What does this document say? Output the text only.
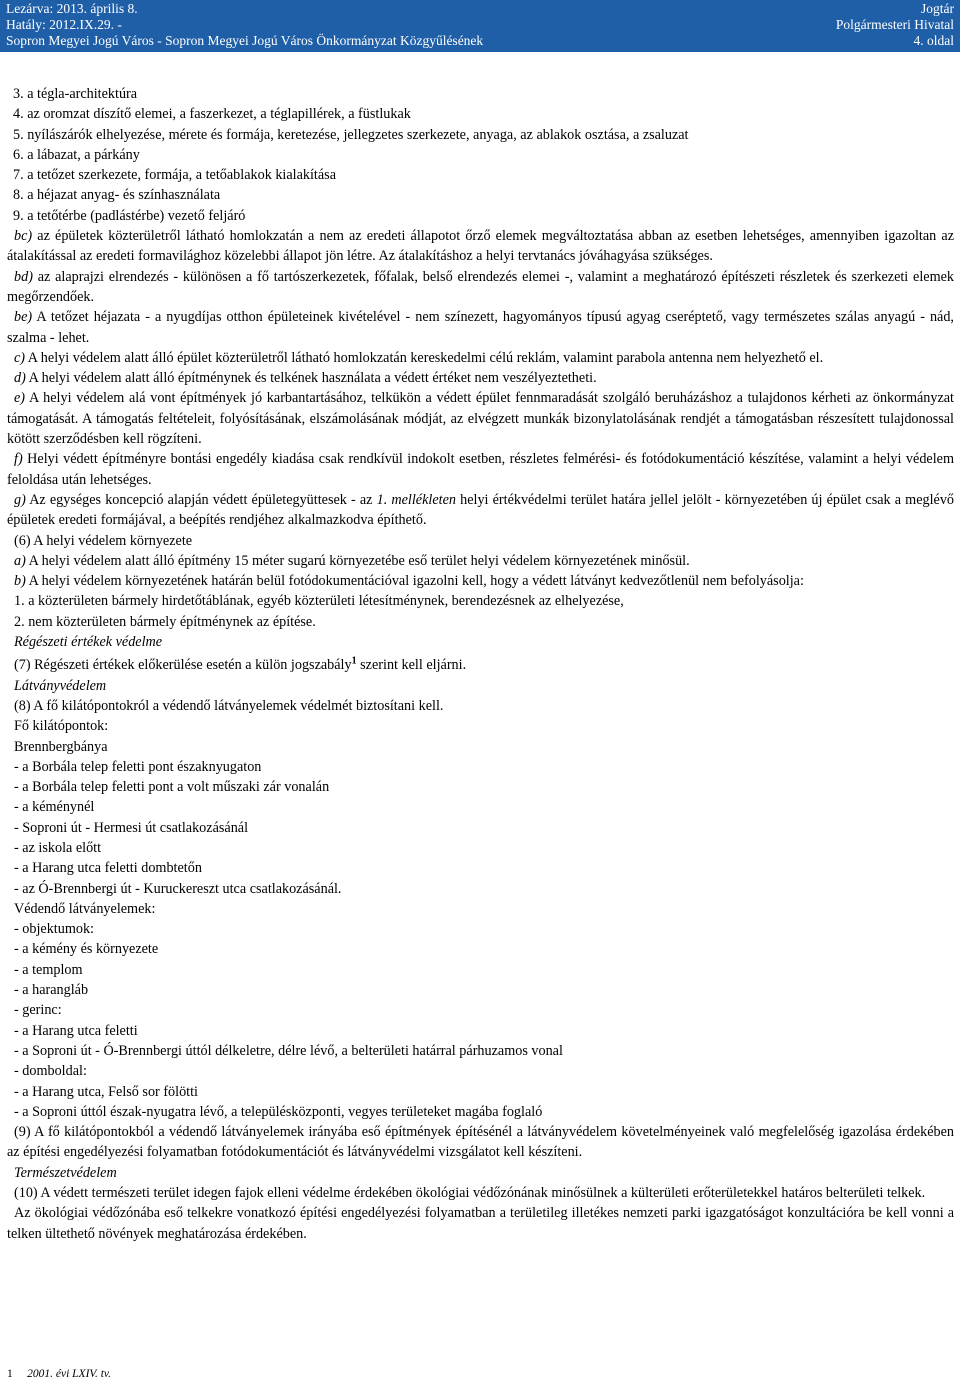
Lezárva: 2013. április 8.
Hatály: 2012.IX.29. -
Sopron Megyei Jogú Város - Sopron Megyei Jogú Város Önkormányzat Közgyűlésének
Jogtár
Polgármesteri Hivatal
4. oldal

3. a tégla-architektúra

4. az oromzat díszítő elemei, a faszerkezet, a téglapillérek, a füstlukak

5. nyílászárók elhelyezése, mérete és formája, keretezése, jellegzetes szerkezete, anyaga, az ablakok osztása, a zsaluzat

6. a lábazat, a párkány

7. a tetőzet szerkezete, formája, a tetőablakok kialakítása

8. a héjazat anyag- és színhasználata

9. a tetőtérbe (padlástérbe) vezető feljáró

bc) az épületek közterületről látható homlokzatán a nem az eredeti állapotot őrző elemek megváltoztatása abban az esetben lehetséges, amennyiben igazoltan az átalakítással az eredeti formavilághoz közelebbi állapot jön létre. Az átalakításhoz a helyi tervtanács jóváhagyása szükséges.

bd) az alaprajzi elrendezés - különösen a fő tartószerkezetek, főfalak, belső elrendezés elemei -, valamint a meghatározó építészeti részletek és szerkezeti elemek megőrzendőek.

be) A tetőzet héjazata - a nyugdíjas otthon épületeinek kivételével - nem színezett, hagyományos típusú agyag cseréptető, vagy természetes szálas anyagú - nád, szalma - lehet.

c) A helyi védelem alatt álló épület közterületről látható homlokzatán kereskedelmi célú reklám, valamint parabola antenna nem helyezhető el.

d) A helyi védelem alatt álló építménynek és telkének használata a védett értéket nem veszélyeztetheti.

e) A helyi védelem alá vont építmények jó karbantartásához, telkükön a védett épület fennmaradását szolgáló beruházáshoz a tulajdonos kérheti az önkormányzat támogatását. A támogatás feltételeit, folyósításának, elszámolásának módját, az elvégzett munkák bizonylatolásának rendjét a támogatásban részesített tulajdonossal kötött szerződésben kell rögzíteni.

f) Helyi védett építményre bontási engedély kiadása csak rendkívül indokolt esetben, részletes felmérési- és fotódokumentáció készítése, valamint a helyi védelem feloldása után lehetséges.

g) Az egységes koncepció alapján védett épületegyüttesek - az 1. mellékleten helyi értékvédelmi terület határa jellel jelölt - környezetében új épület csak a meglévő épületek eredeti formájával, a beépítés rendjéhez alkalmazkodva építhető.

(6) A helyi védelem környezete

a) A helyi védelem alatt álló építmény 15 méter sugarú környezetébe eső terület helyi védelem környezetének minősül.

b) A helyi védelem környezetének határán belül fotódokumentációval igazolni kell, hogy a védett látványt kedvezőtlenül nem befolyásolja:

1. a közterületen bármely hirdetőtáblának, egyéb közterületi létesítménynek, berendezésnek az elhelyezése,

2. nem közterületen bármely építménynek az építése.

Régészeti értékek védelme

(7) Régészeti értékek előkerülése esetén a külön jogszabály$^1$ szerint kell eljárni.

Látványvédelem

(8) A fő kilátópontokról a védendő látványelemek védelmét biztosítani kell.

Fő kilátópontok:

Brennbergbánya

- a Borbála telep feletti pont északnyugaton

- a Borbála telep feletti pont a volt műszaki zár vonalán

- a kéménynél

- Soproni út - Hermesi út csatlakozásánál

- az iskola előtt

- a Harang utca feletti dombtetőn

- az Ó-Brennbergi út - Kuruckereszt utca csatlakozásánál.

Védendő látványelemek:

- objektumok:

- a kémény és környezete

- a templom

- a harangláb

- gerinc:

- a Harang utca feletti

- a Soproni út - Ó-Brennbergi úttól délkeletre, délre lévő, a belterületi határral párhuzamos vonal

- domboldal:

- a Harang utca, Felső sor fölötti

- a Soproni úttól észak-nyugatra lévő, a településközponti, vegyes területeket magába foglaló

(9) A fő kilátópontokból a védendő látványelemek irányába eső építmények építésénél a látványvédelem követelményeinek való megfelelőség igazolása érdekében az építési engedélyezési folyamatban fotódokumentációt és látványvédelmi vizsgálatot kell készíteni.

Természetvédelem

(10) A védett természeti terület idegen fajok elleni védelme érdekében ökológiai védőzónának minősülnek a külterületi erőterületekkel határos belterületi telkek.

Az ökológiai védőzónába eső telkekre vonatkozó építési engedélyezési folyamatban a területileg illetékes nemzeti parki igazgatóságot konzultációra be kell vonni a telken ültethető növények meghatározása érdekében.

1 2001. évi LXIV. tv.
